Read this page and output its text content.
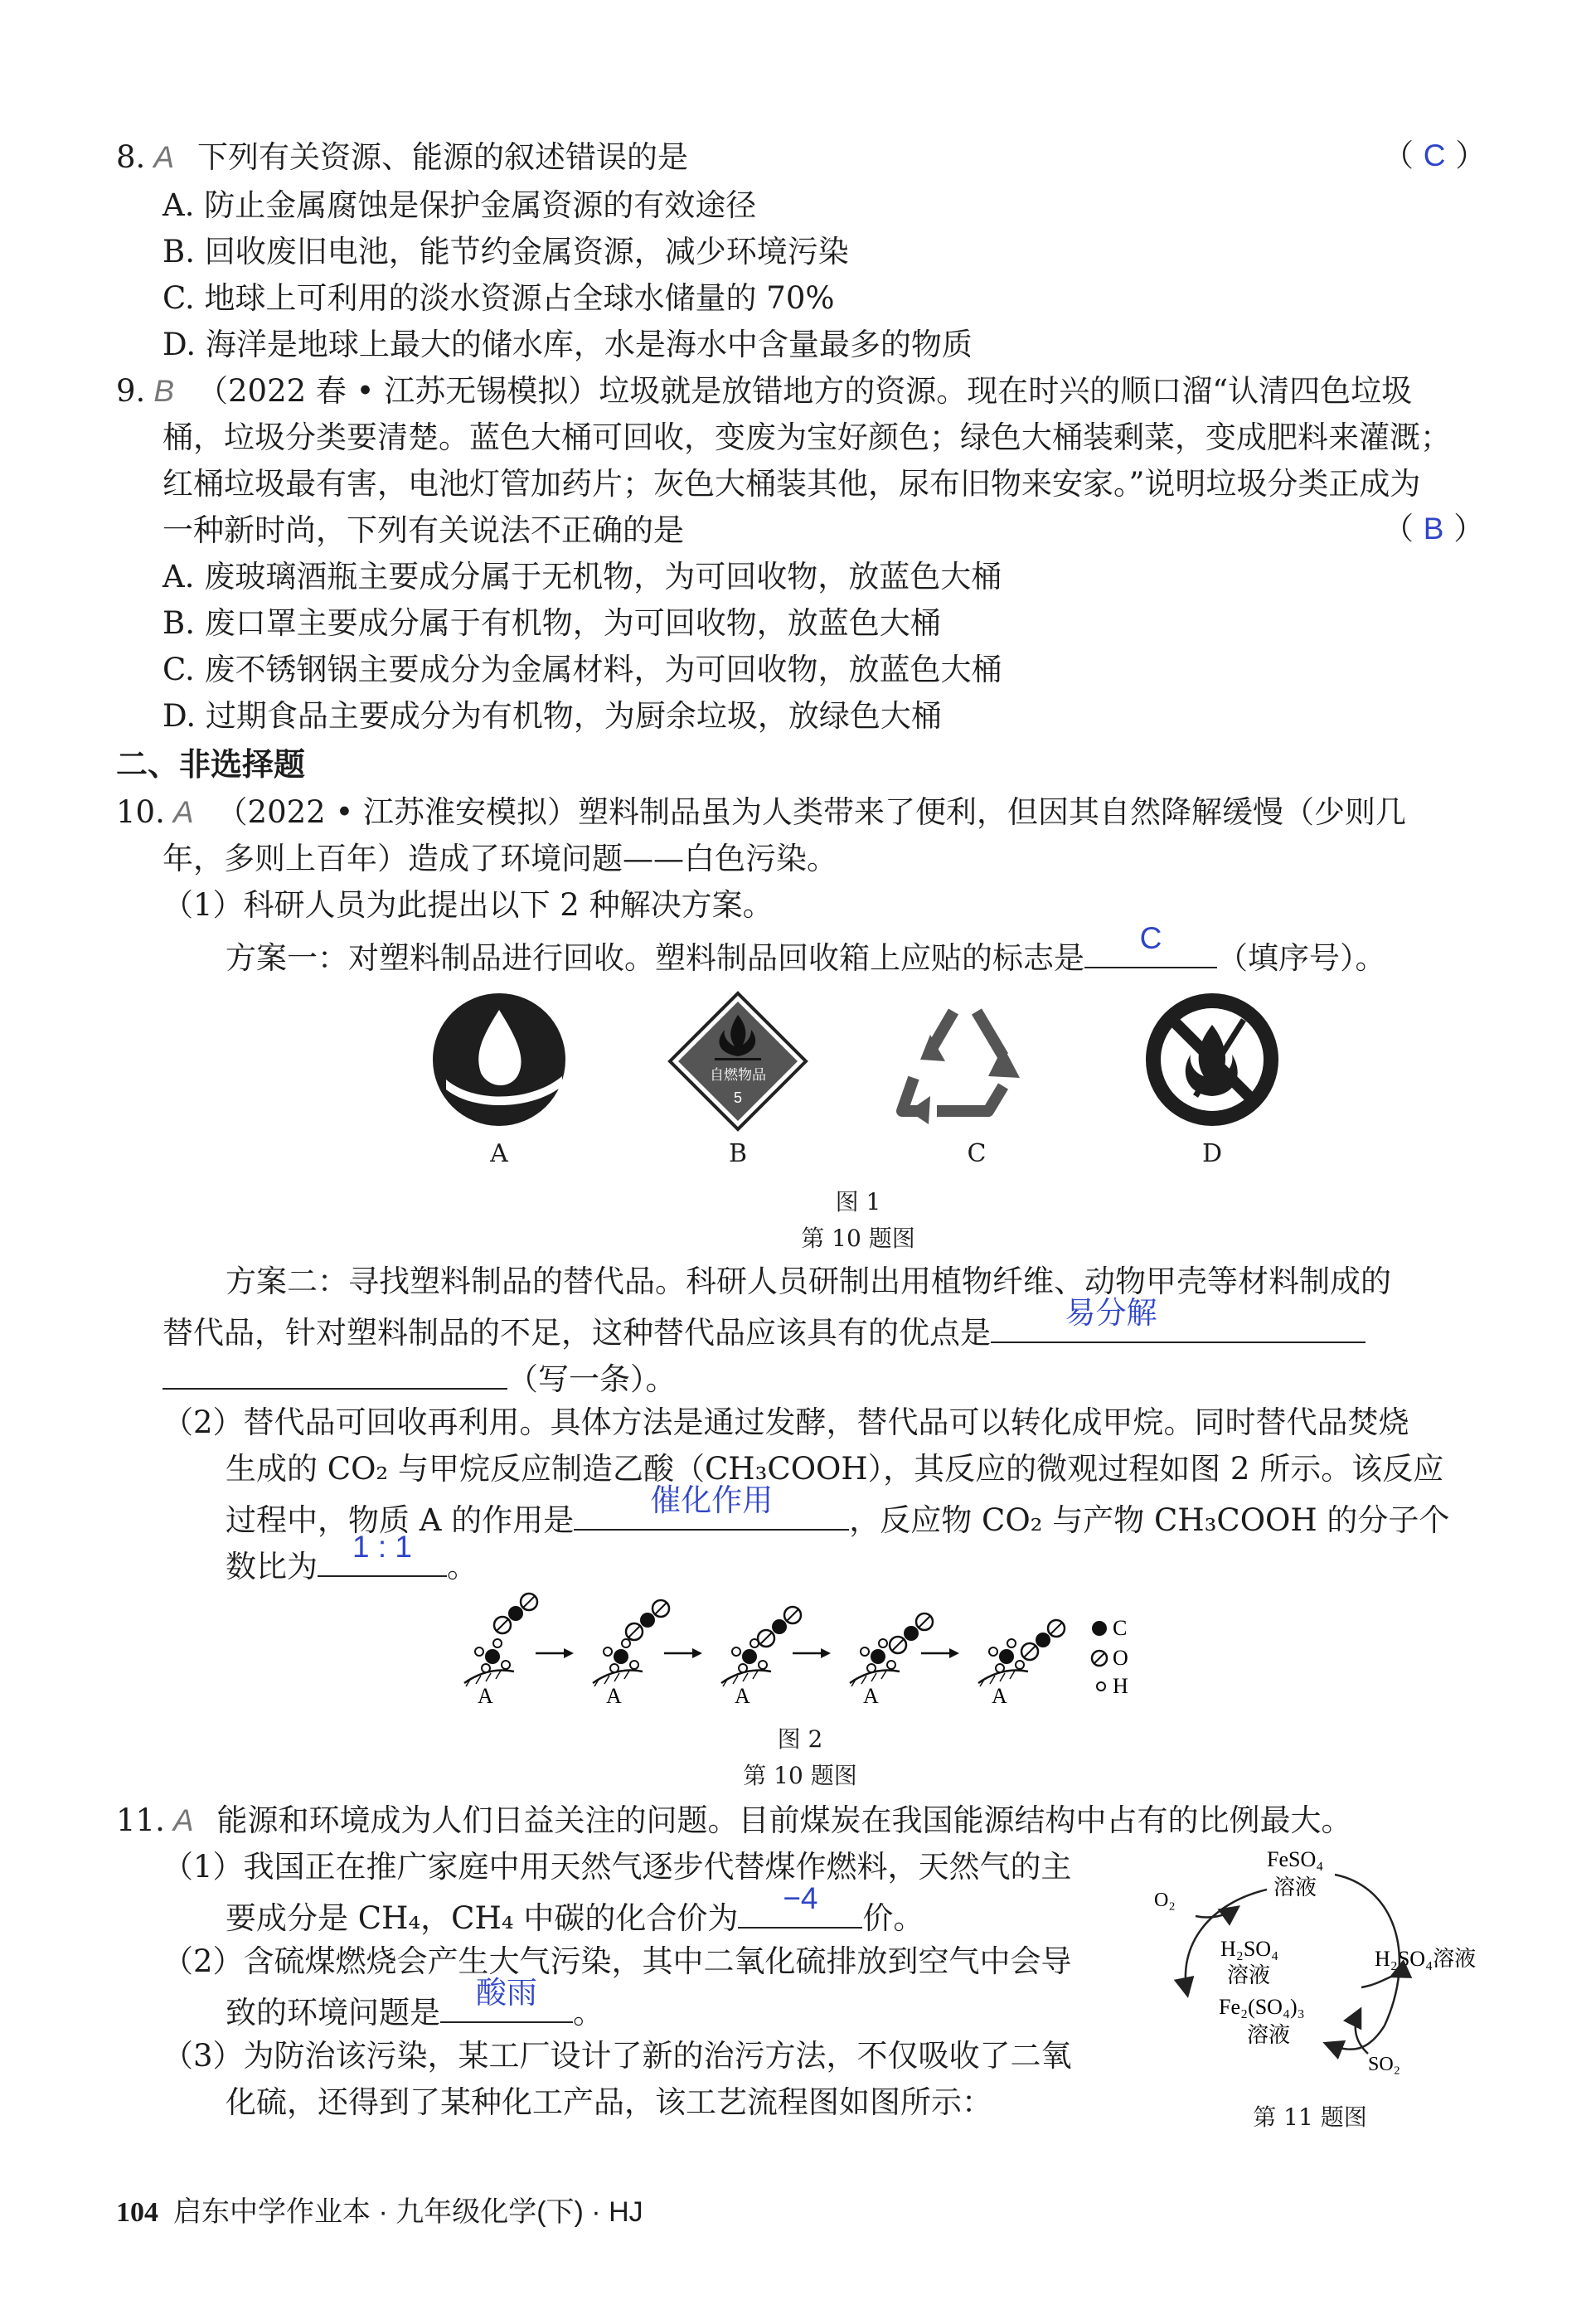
8. A 下列有关资源、能源的叙述错误的是	（ C ）
A. 防止金属腐蚀是保护金属资源的有效途径
B. 回收废旧电池，能节约金属资源，减少环境污染
C. 地球上可利用的淡水资源占全球水储量的 70%
D. 海洋是地球上最大的储水库，水是海水中含量最多的物质
9. B （2022 春 • 江苏无锡模拟）垃圾就是放错地方的资源。现在时兴的顺口溜“认清四色垃圾
桶，垃圾分类要清楚。蓝色大桶可回收，变废为宝好颜色；绿色大桶装剩菜，变成肥料来灌溉；
红桶垃圾最有害，电池灯管加药片；灰色大桶装其他，尿布旧物来安家。”说明垃圾分类正成为
一种新时尚，下列有关说法不正确的是	（ B ）
A. 废玻璃酒瓶主要成分属于无机物，为可回收物，放蓝色大桶
B. 废口罩主要成分属于有机物，为可回收物，放蓝色大桶
C. 废不锈钢锅主要成分为金属材料，为可回收物，放蓝色大桶
D. 过期食品主要成分为有机物，为厨余垃圾，放绿色大桶
二、非选择题
10. A （2022 • 江苏淮安模拟）塑料制品虽为人类带来了便利，但因其自然降解缓慢（少则几
年，多则上百年）造成了环境问题——白色污染。
（1）科研人员为此提出以下 2 种解决方案。
方案一：对塑料制品进行回收。塑料制品回收箱上应贴的标志是
C
（填序号）。
自燃物品
5
A	B	C	D
图 1
第 10 题图
方案二：寻找塑料制品的替代品。科研人员研制出用植物纤维、动物甲壳等材料制成的
替代品，针对塑料制品的不足，这种替代品应该具有的优点是
易分解
（写一条）。
（2）替代品可回收再利用。具体方法是通过发酵，替代品可以转化成甲烷。同时替代品焚烧
生成的 CO₂ 与甲烷反应制造乙酸（CH₃COOH），其反应的微观过程如图 2 所示。该反应
过程中，物质 A 的作用是
催化作用
，反应物 CO₂ 与产物 CH₃COOH 的分子个
数比为
1 : 1
。
A	A	A	A	A
C
O
H
图 2
第 10 题图
11. A 能源和环境成为人们日益关注的问题。目前煤炭在我国能源结构中占有的比例最大。
（1）我国正在推广家庭中用天然气逐步代替煤作燃料，天然气的主
要成分是 CH₄，CH₄ 中碳的化合价为
−4
价。
（2）含硫煤燃烧会产生大气污染，其中二氧化硫排放到空气中会导
致的环境问题是
酸雨
。
（3）为防治该污染，某工厂设计了新的治污方法，不仅吸收了二氧
化硫，还得到了某种化工产品，该工艺流程图如图所示：
FeSO₄
溶液
O₂
H₂SO₄
溶液
Fe₂(SO₄)₃
溶液
H₂SO₄溶液
SO₂
第 11 题图
104 启东中学作业本 · 九年级化学(下) · HJ
